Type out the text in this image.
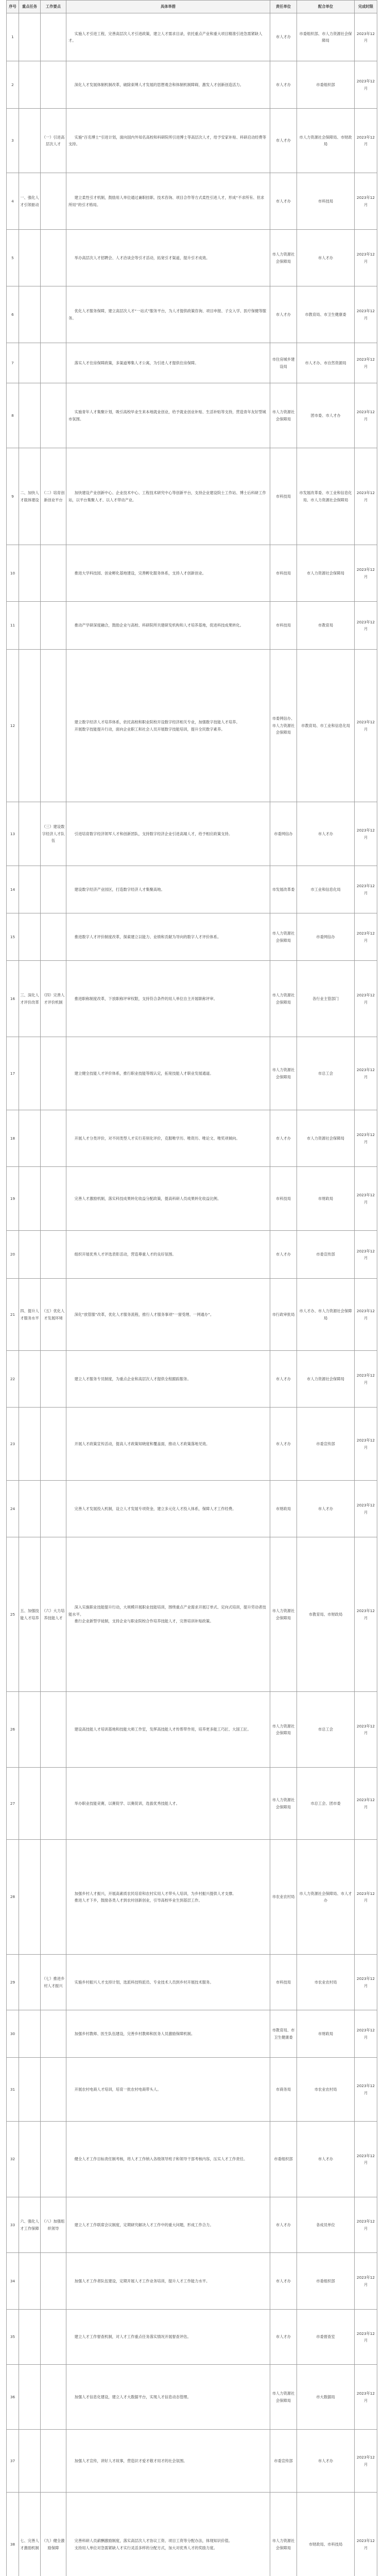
序号	重点任务	工作要点	具体举措	责任单位	配合单位	完成时限
1			实施人才引进工程，完善高层次人才引进政策，建立人才需求目录，依托重点产业和重大项目精准引进急需紧缺人才。	市人才办	市委组织部、市人力资源社会保障局	2023年12月
2			深化人才发展体制机制改革，破除束缚人才发展的思想观念和体制机制障碍，激发人才创新创造活力。	市人才办	市委组织部	2023年12月
3		（一）引进高层次人才	实施“百名博士”引进计划，面向国内外知名高校和科研院所引进博士等高层次人才，给予安家补贴、科研启动经费等支持。	市人才办	市人力资源社会保障局、市财政局	2023年12月
4	一、强化人才引领驱动		建立柔性引才机制，鼓励用人单位通过兼职挂职、技术咨询、项目合作等方式柔性引进人才，形成“不求所有、但求所用”的引才格局。	市人才办	市科技局	2023年12月
5			举办高层次人才招聘会、人才洽谈会等引才活动，拓宽引才渠道，提升引才成效。	市人力资源社会保障局	市人才办	2023年12月
6			优化人才服务保障，建立高层次人才“一站式”服务平台，为人才提供政策咨询、项目申报、子女入学、医疗保健等服务。	市人才办	市教育局、市卫生健康委	2023年12月
7			落实人才住房保障政策，多渠道筹集人才公寓，为引进人才提供住房保障。	市住房城乡建设局	市人才办、市自然资源局	2023年12月
8			实施青年人才集聚计划，吸引高校毕业生来本地就业创业，给予就业创业补贴、生活补贴等支持，营造青年友好型城市氛围。	市人力资源社会保障局	团市委、市人才办	2023年12月
9	二、加快人才载体建设	（二）培育创新创业平台	加快建设产业创新中心、企业技术中心、工程技术研究中心等创新平台，支持企业建设院士工作站、博士后科研工作站，以平台集聚人才、以人才带动产业。	市科技局	市发展改革委、市工业和信息化局、市人力资源社会保障局	2023年12月
10			推进大学科技园、创业孵化基地建设，完善孵化服务体系，支持人才创新创业。	市科技局	市人力资源社会保障局	2023年12月
11			推动产学研深度融合，鼓励企业与高校、科研院所共建研发机构和人才培养基地，促进科技成果转化。	市科技局	市教育局	2023年12月
12			建立数字经济人才培养体系，依托高校和职业院校开设数字经济相关专业，加强数字技能人才培养。
开展数字技能提升行动，面向企业职工和社会人员开展数字技能培训，提升全民数字素养。	市委网信办、市人力资源社会保障局	市教育局、市工业和信息化局	2023年12月
13		（三）建设数字经济人才队伍	引进培育数字经济领军人才和创新团队，支持数字经济企业引进高端人才，给予相应政策支持。	市委网信办	市人才办	2023年12月
14			建设数字经济产业园区，打造数字经济人才集聚高地。	市发展改革委	市工业和信息化局	2023年12月
15			推进数字人才评价制度改革，探索建立以能力、业绩和贡献为导向的数字人才评价体系。	市人力资源社会保障局	市委网信办	2023年12月
16	三、深化人才评价改革	（四）完善人才评价机制	推进职称制度改革，下放职称评审权限，支持符合条件的用人单位自主开展职称评审。	市人力资源社会保障局	各行业主管部门	2023年12月
17			建立健全技能人才评价体系，推行职业技能等级认定，拓宽技能人才职业发展通道。	市人力资源社会保障局	市总工会	2023年12月
18			开展人才分类评价，对不同类型人才实行差别化评价，克服唯学历、唯资历、唯论文、唯奖项倾向。	市人才办	市人力资源社会保障局	2023年12月
19			完善人才激励机制，落实科技成果转化收益分配政策，提高科研人员成果转化收益比例。	市科技局	市财政局	2023年12月
20			组织开展优秀人才评选表彰活动，营造尊重人才的良好氛围。	市人才办	市委宣传部	2023年12月
21	四、提升人才服务水平	（五）优化人才发展环境	深化“放管服”改革，优化人才服务流程，推行人才服务事项“一窗受理、一网通办”。	市行政审批局	市人才办、市人力资源社会保障局	2023年12月
22			建立人才服务专员制度，为重点企业和高层次人才提供全程跟踪服务。	市人才办	市人力资源社会保障局	2023年12月
23			开展人才政策宣传活动，提高人才政策知晓度和覆盖面，推动人才政策落地见效。	市人才办	市委宣传部	2023年12月
24			完善人才发展投入机制，设立人才发展专项资金，建立多元化人才投入体系，保障人才工作经费。	市财政局	市人才办	2023年12月
25	五、加强技能人才培养	（六）大力培养技能人才	深入实施职业技能提升行动，大规模开展职业技能培训，围绕重点产业需求开展订单式、定向式培训，提升劳动者技能水平。
推行企业新型学徒制，支持企业与职业院校合作培养技能人才，完善培训补贴政策。	市人力资源社会保障局	市教育局、市财政局	2023年12月
26			建设高技能人才培训基地和技能大师工作室，发挥高技能人才传帮带作用，培养更多能工巧匠、大国工匠。	市人力资源社会保障局	市总工会	2023年12月
27			举办职业技能竞赛，以赛促学、以赛促训，选拔优秀技能人才。	市人力资源社会保障局	市总工会、团市委	2023年12月
28			加强乡村人才振兴，开展高素质农民培育和农村实用人才带头人培训，为乡村振兴提供人才支撑。
推进人才下乡，鼓励各类人才到农村创新创业，引导高校毕业生到基层工作。	市农业农村局	市人力资源社会保障局、市人才办	2023年12月
29		（七）推进乡村人才振兴	实施乡村振兴人才支持计划，选派科技特派员、专业技术人员到乡村开展技术服务。	市科技局	市农业农村局	2023年12月
30			加强乡村教师、医生队伍建设，完善乡村教师和医务人员激励保障机制。	市教育局、市卫生健康委	市财政局	2023年12月
31			开展农村电商人才培训，培育一批农村电商带头人。	市商务局	市农业农村局	2023年12月
32			健全人才工作目标责任制考核，将人才工作纳入各级领导班子和领导干部考核内容，压实人才工作责任。	市委组织部	市人才办	2023年12月
33	六、强化人才工作保障	（八）加强组织领导	建立人才工作联席会议制度，定期研究解决人才工作中的重大问题，形成工作合力。	市人才办	各成员单位	2023年12月
34			加强人才工作者队伍建设，定期开展人才工作业务培训，提升人才工作能力水平。	市人才办	市委组织部	2023年12月
35			建立人才工作督查机制，对人才工作重点任务落实情况开展督查评估。	市人才办	市委督查室	2023年12月
36			加强人才信息化建设，建立人才大数据平台，实现人才信息动态管理。	市人力资源社会保障局	市大数据局	2023年12月
37			加强人才宣传，讲好人才故事，营造识才爱才敬才用才的社会氛围。	市委宣传部	市人才办	2023年12月
38	七、完善人才激励机制	（九）健全激励保障	完善科研人员薪酬激励制度，落实高层次人才协议工资、项目工资等分配办法，体现知识价值。
支持用人单位对急需紧缺人才实行灵活多样的分配方式，加大对优秀人才的奖励力度。	市人力资源社会保障局	市财政局、市科技局	2023年12月
